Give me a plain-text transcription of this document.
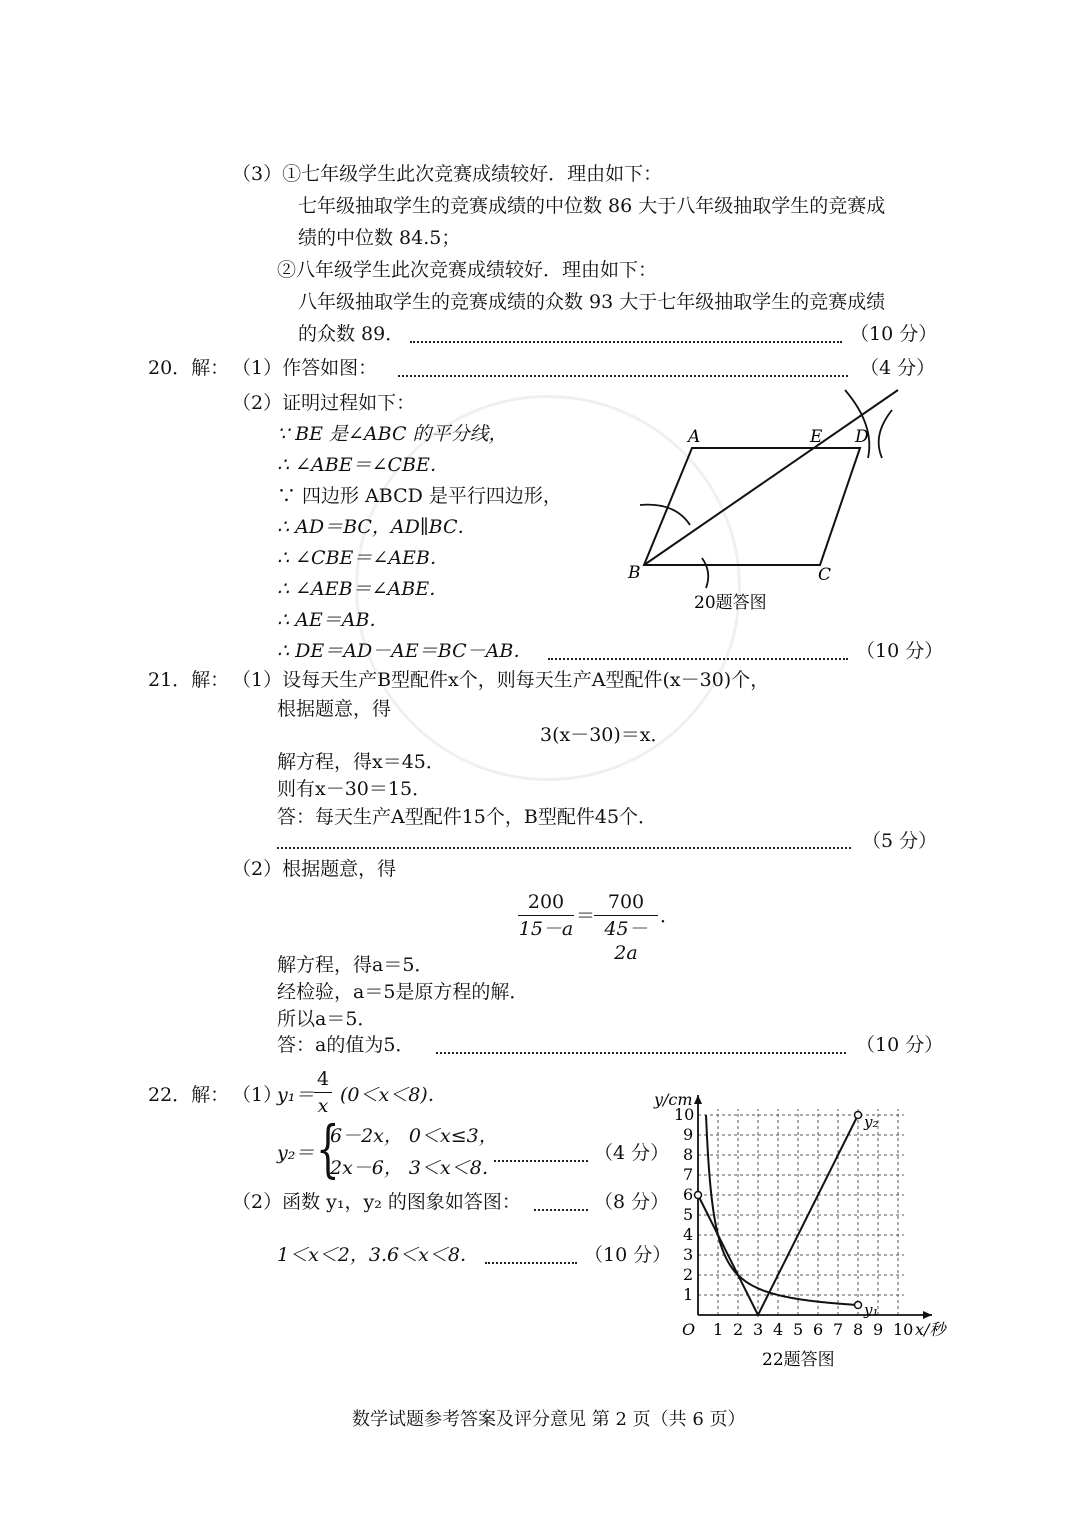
（3）①七年级学生此次竞赛成绩较好．理由如下：
七年级抽取学生的竞赛成绩的中位数 86 大于八年级抽取学生的竞赛成
绩的中位数 84.5；
②八年级学生此次竞赛成绩较好．理由如下：
八年级抽取学生的竞赛成绩的众数 93 大于七年级抽取学生的竞赛成绩
的众数 89．	（10 分）
20．解： （1）作答如图：	（4 分）
（2）证明过程如下：
∵ BE 是∠ABC 的平分线，
∴ ∠ABE＝∠CBE．
∵ 四边形 ABCD 是平行四边形，
∴ AD＝BC，AD∥BC．
∴ ∠CBE＝∠AEB．
∴ ∠AEB＝∠ABE．
∴ AE＝AB．
∴ DE＝AD－AE＝BC－AB．	（10 分）
A	E D
B	C
20题答图
21．解： （1）设每天生产B型配件x个，则每天生产A型配件(x－30)个，
根据题意，得
3(x－30)＝x．
解方程，得x＝45．
则有x－30＝15．
答：每天生产A型配件15个，B型配件45个．
（5 分）
（2）根据题意，得
200
15－a
＝
700
45－2a
．
解方程，得a＝5．
经检验，a＝5是原方程的解．
所以a＝5．
答：a的值为5．	（10 分）
22．解： （1）
y₁＝
4
x (0＜x＜8)．
y₂＝ {
6－2x， 0＜x≤3，
2x－6， 3＜x＜8．
（4 分）
（2）函数 y₁，y₂ 的图象如答图：	（8 分）
1＜x＜2，3.6＜x＜8．	（10 分）
1 2 3 4 5 6 7 8 9 10
1
2
3
4
5
6
7
8
9
10
y/cm
x/秒
O
y₂
y₁
22题答图
数学试题参考答案及评分意见 第 2 页（共 6 页）
